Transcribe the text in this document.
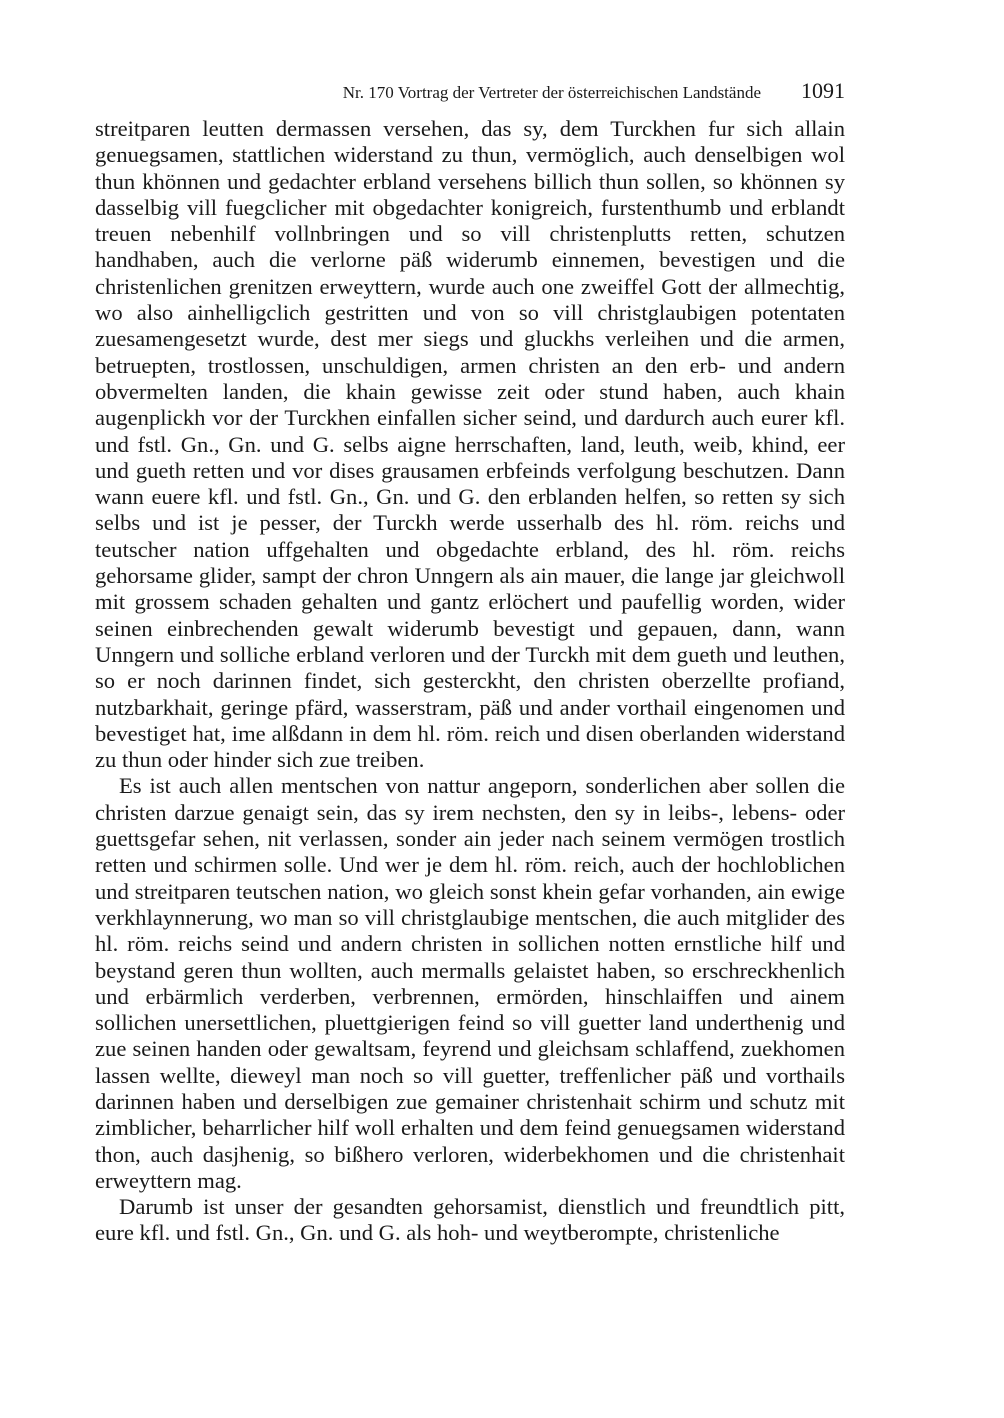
Nr. 170 Vortrag der Vertreter der österreichischen Landstände 1091

streitparen leutten dermassen versehen, das sy, dem Turckhen fur sich allain genuegsamen, stattlichen widerstand zu thun, vermöglich, auch denselbigen wol thun khönnen und gedachter erbland versehens billich thun sollen, so khönnen sy dasselbig vill fuegclicher mit obgedachter konigreich, furstenthumb und erblandt treuen nebenhilf vollnbringen und so vill christenplutts retten, schutzen handhaben, auch die verlorne päß widerumb einnemen, bevestigen und die christenlichen grenitzen erweyttern, wurde auch one zweiffel Gott der allmechtig, wo also ainhelligclich gestritten und von so vill christglaubigen potentaten zuesamengesetzt wurde, dest mer siegs und gluckhs verleihen und die armen, betruepten, trostlossen, unschuldigen, armen christen an den erb- und andern obvermelten landen, die khain gewisse zeit oder stund haben, auch khain augenplickh vor der Turckhen einfallen sicher seind, und dardurch auch eurer kfl. und fstl. Gn., Gn. und G. selbs aigne herrschaften, land, leuth, weib, khind, eer und gueth retten und vor dises grausamen erbfeinds verfolgung beschutzen. Dann wann euere kfl. und fstl. Gn., Gn. und G. den erblanden helfen, so retten sy sich selbs und ist je pesser, der Turckh werde usserhalb des hl. röm. reichs und teutscher nation uffgehalten und obgedachte erbland, des hl. röm. reichs gehorsame glider, sampt der chron Unngern als ain mauer, die lange jar gleichwoll mit grossem schaden gehalten und gantz erlöchert und paufellig worden, wider seinen einbrechenden gewalt widerumb bevestigt und gepauen, dann, wann Unngern und solliche erbland verloren und der Turckh mit dem gueth und leuthen, so er noch darinnen findet, sich gesterckht, den christen oberzellte profiand, nutzbarkhait, geringe pfärd, wasserstram, päß und ander vorthail eingenomen und bevestiget hat, ime alßdann in dem hl. röm. reich und disen oberlanden widerstand zu thun oder hinder sich zue treiben.

Es ist auch allen mentschen von nattur angeporn, sonderlichen aber sollen die christen darzue genaigt sein, das sy irem nechsten, den sy in leibs-, lebens- oder guettsgefar sehen, nit verlassen, sonder ain jeder nach seinem vermögen trostlich retten und schirmen solle. Und wer je dem hl. röm. reich, auch der hochloblichen und streitparen teutschen nation, wo gleich sonst khein gefar vorhanden, ain ewige verkhlaynnerung, wo man so vill christglaubige mentschen, die auch mitglider des hl. röm. reichs seind und andern christen in sollichen notten ernstliche hilf und beystand geren thun wollten, auch mermalls gelaistet haben, so erschreckhenlich und erbärmlich verderben, verbrennen, ermörden, hinschlaiffen und ainem sollichen unersettlichen, pluettgierigen feind so vill guetter land underthenig und zue seinen handen oder gewaltsam, feyrend und gleichsam schlaffend, zuekhomen lassen wellte, dieweyl man noch so vill guetter, treffenlicher päß und vorthails darinnen haben und derselbigen zue gemainer christenhait schirm und schutz mit zimblicher, beharrlicher hilf woll erhalten und dem feind genuegsamen widerstand thon, auch dasjhenig, so bißhero verloren, widerbekhomen und die christenhait erweyttern mag.

Darumb ist unser der gesandten gehorsamist, dienstlich und freundtlich pitt, eure kfl. und fstl. Gn., Gn. und G. als hoh- und weytberompte, christenliche
